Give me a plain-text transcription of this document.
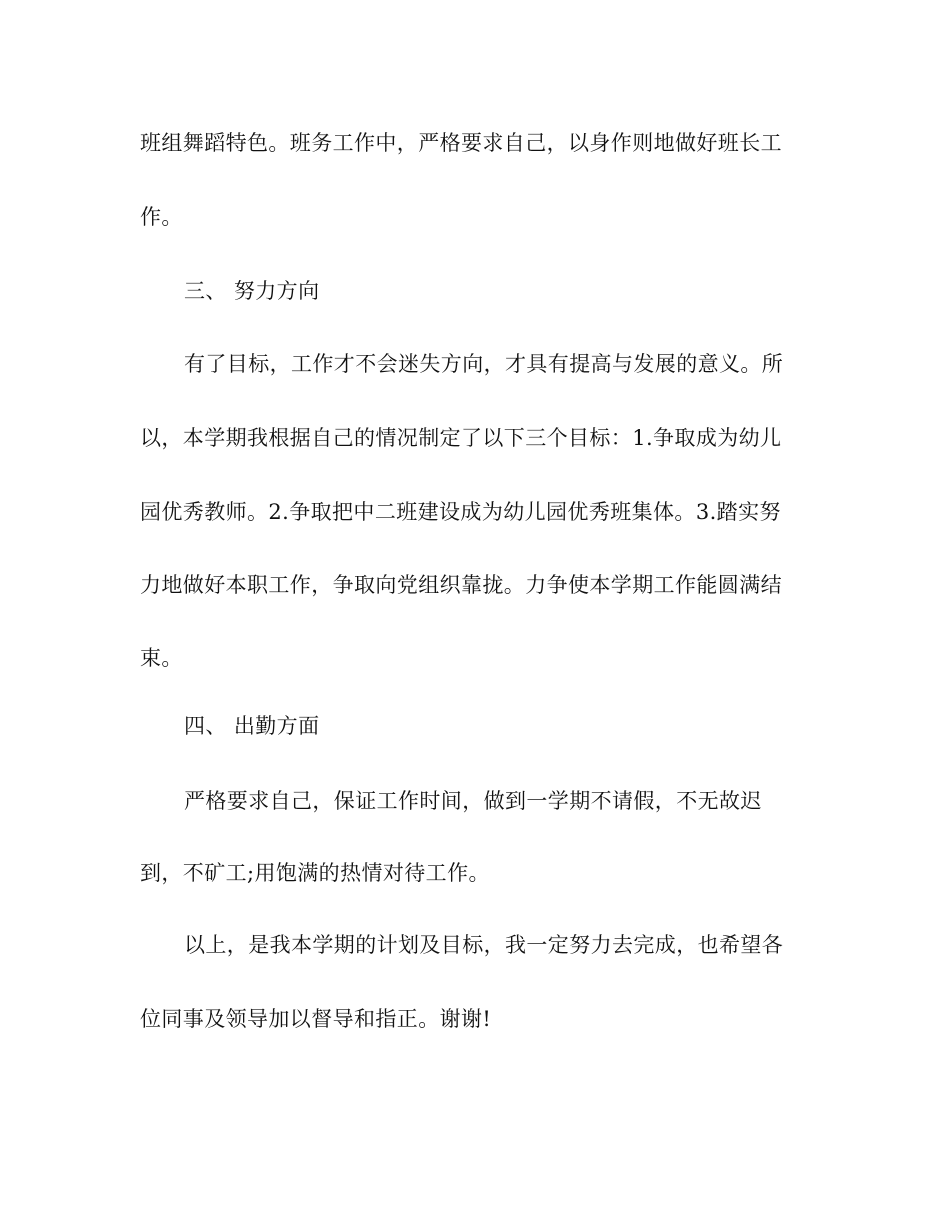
班组舞蹈特色。班务工作中，严格要求自己，以身作则地做好班长工
作。
三、 努力方向
有了目标，工作才不会迷失方向，才具有提高与发展的意义。所
以，本学期我根据自己的情况制定了以下三个目标：1.争取成为幼儿
园优秀教师。2.争取把中二班建设成为幼儿园优秀班集体。3.踏实努
力地做好本职工作，争取向党组织靠拢。力争使本学期工作能圆满结
束。
四、 出勤方面
严格要求自己，保证工作时间，做到一学期不请假，不无故迟
到，不矿工;用饱满的热情对待工作。
以上，是我本学期的计划及目标，我一定努力去完成，也希望各
位同事及领导加以督导和指正。谢谢!
